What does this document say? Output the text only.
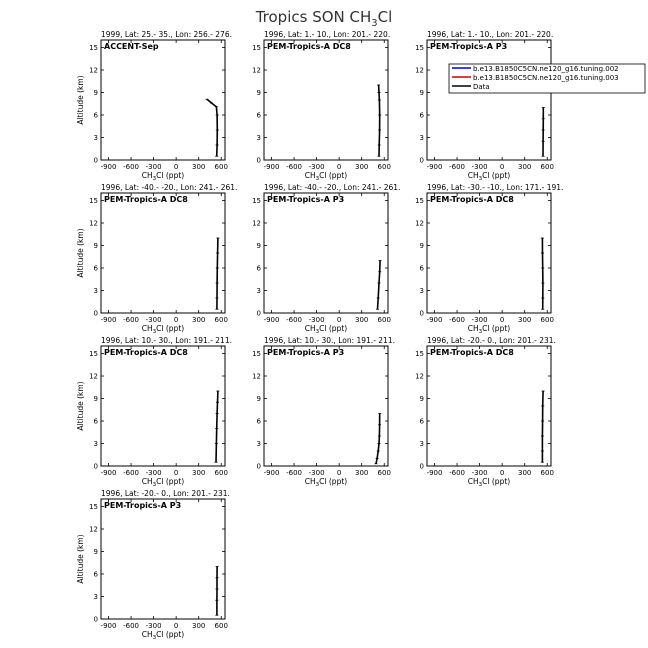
Tropics SON $CH_3Cl$
1999, Lat: 25.- 35., Lon: 256.- 276.
ACCENT-Sep
-900 -600 -300 0 300 600
0
3
6
9
12
15
$CH_3Cl$ (ppt)
Altitude (km)
1996, Lat: 1.- 10., Lon: 201.- 220.
PEM-Tropics-A DC8
-900 -600 -300 0 300 600
0
3
6
9
12
15
$CH_3Cl$ (ppt)
1996, Lat: 1.- 10., Lon: 201.- 220.
PEM-Tropics-A P3
-900 -600 -300 0 300 600
0
3
6
9
12
15
$CH_3Cl$ (ppt)
b.e13.B1850C5CN.ne120_g16.tuning.002
b.e13.B1850C5CN.ne120_g16.tuning.003
Data
1996, Lat: -40.- -20., Lon: 241.- 261.
PEM-Tropics-A DC8
-900 -600 -300 0 300 600
0
3
6
9
12
15
$CH_3Cl$ (ppt)
Altitude (km)
1996, Lat: -40.- -20., Lon: 241.- 261.
PEM-Tropics-A P3
-900 -600 -300 0 300 600
0
3
6
9
12
15
$CH_3Cl$ (ppt)
1996, Lat: -30.- -10., Lon: 171.- 191.
PEM-Tropics-A DC8
-900 -600 -300 0 300 600
0
3
6
9
12
15
$CH_3Cl$ (ppt)
1996, Lat: 10.- 30., Lon: 191.- 211.
PEM-Tropics-A DC8
-900 -600 -300 0 300 600
0
3
6
9
12
15
$CH_3Cl$ (ppt)
Altitude (km)
1996, Lat: 10.- 30., Lon: 191.- 211.
PEM-Tropics-A P3
-900 -600 -300 0 300 600
0
3
6
9
12
15
$CH_3Cl$ (ppt)
1996, Lat: -20.- 0., Lon: 201.- 231.
PEM-Tropics-A DC8
-900 -600 -300 0 300 600
0
3
6
9
12
15
$CH_3Cl$ (ppt)
1996, Lat: -20.- 0., Lon: 201.- 231.
PEM-Tropics-A P3
-900 -600 -300 0 300 600
0
3
6
9
12
15
$CH_3Cl$ (ppt)
Altitude (km)
